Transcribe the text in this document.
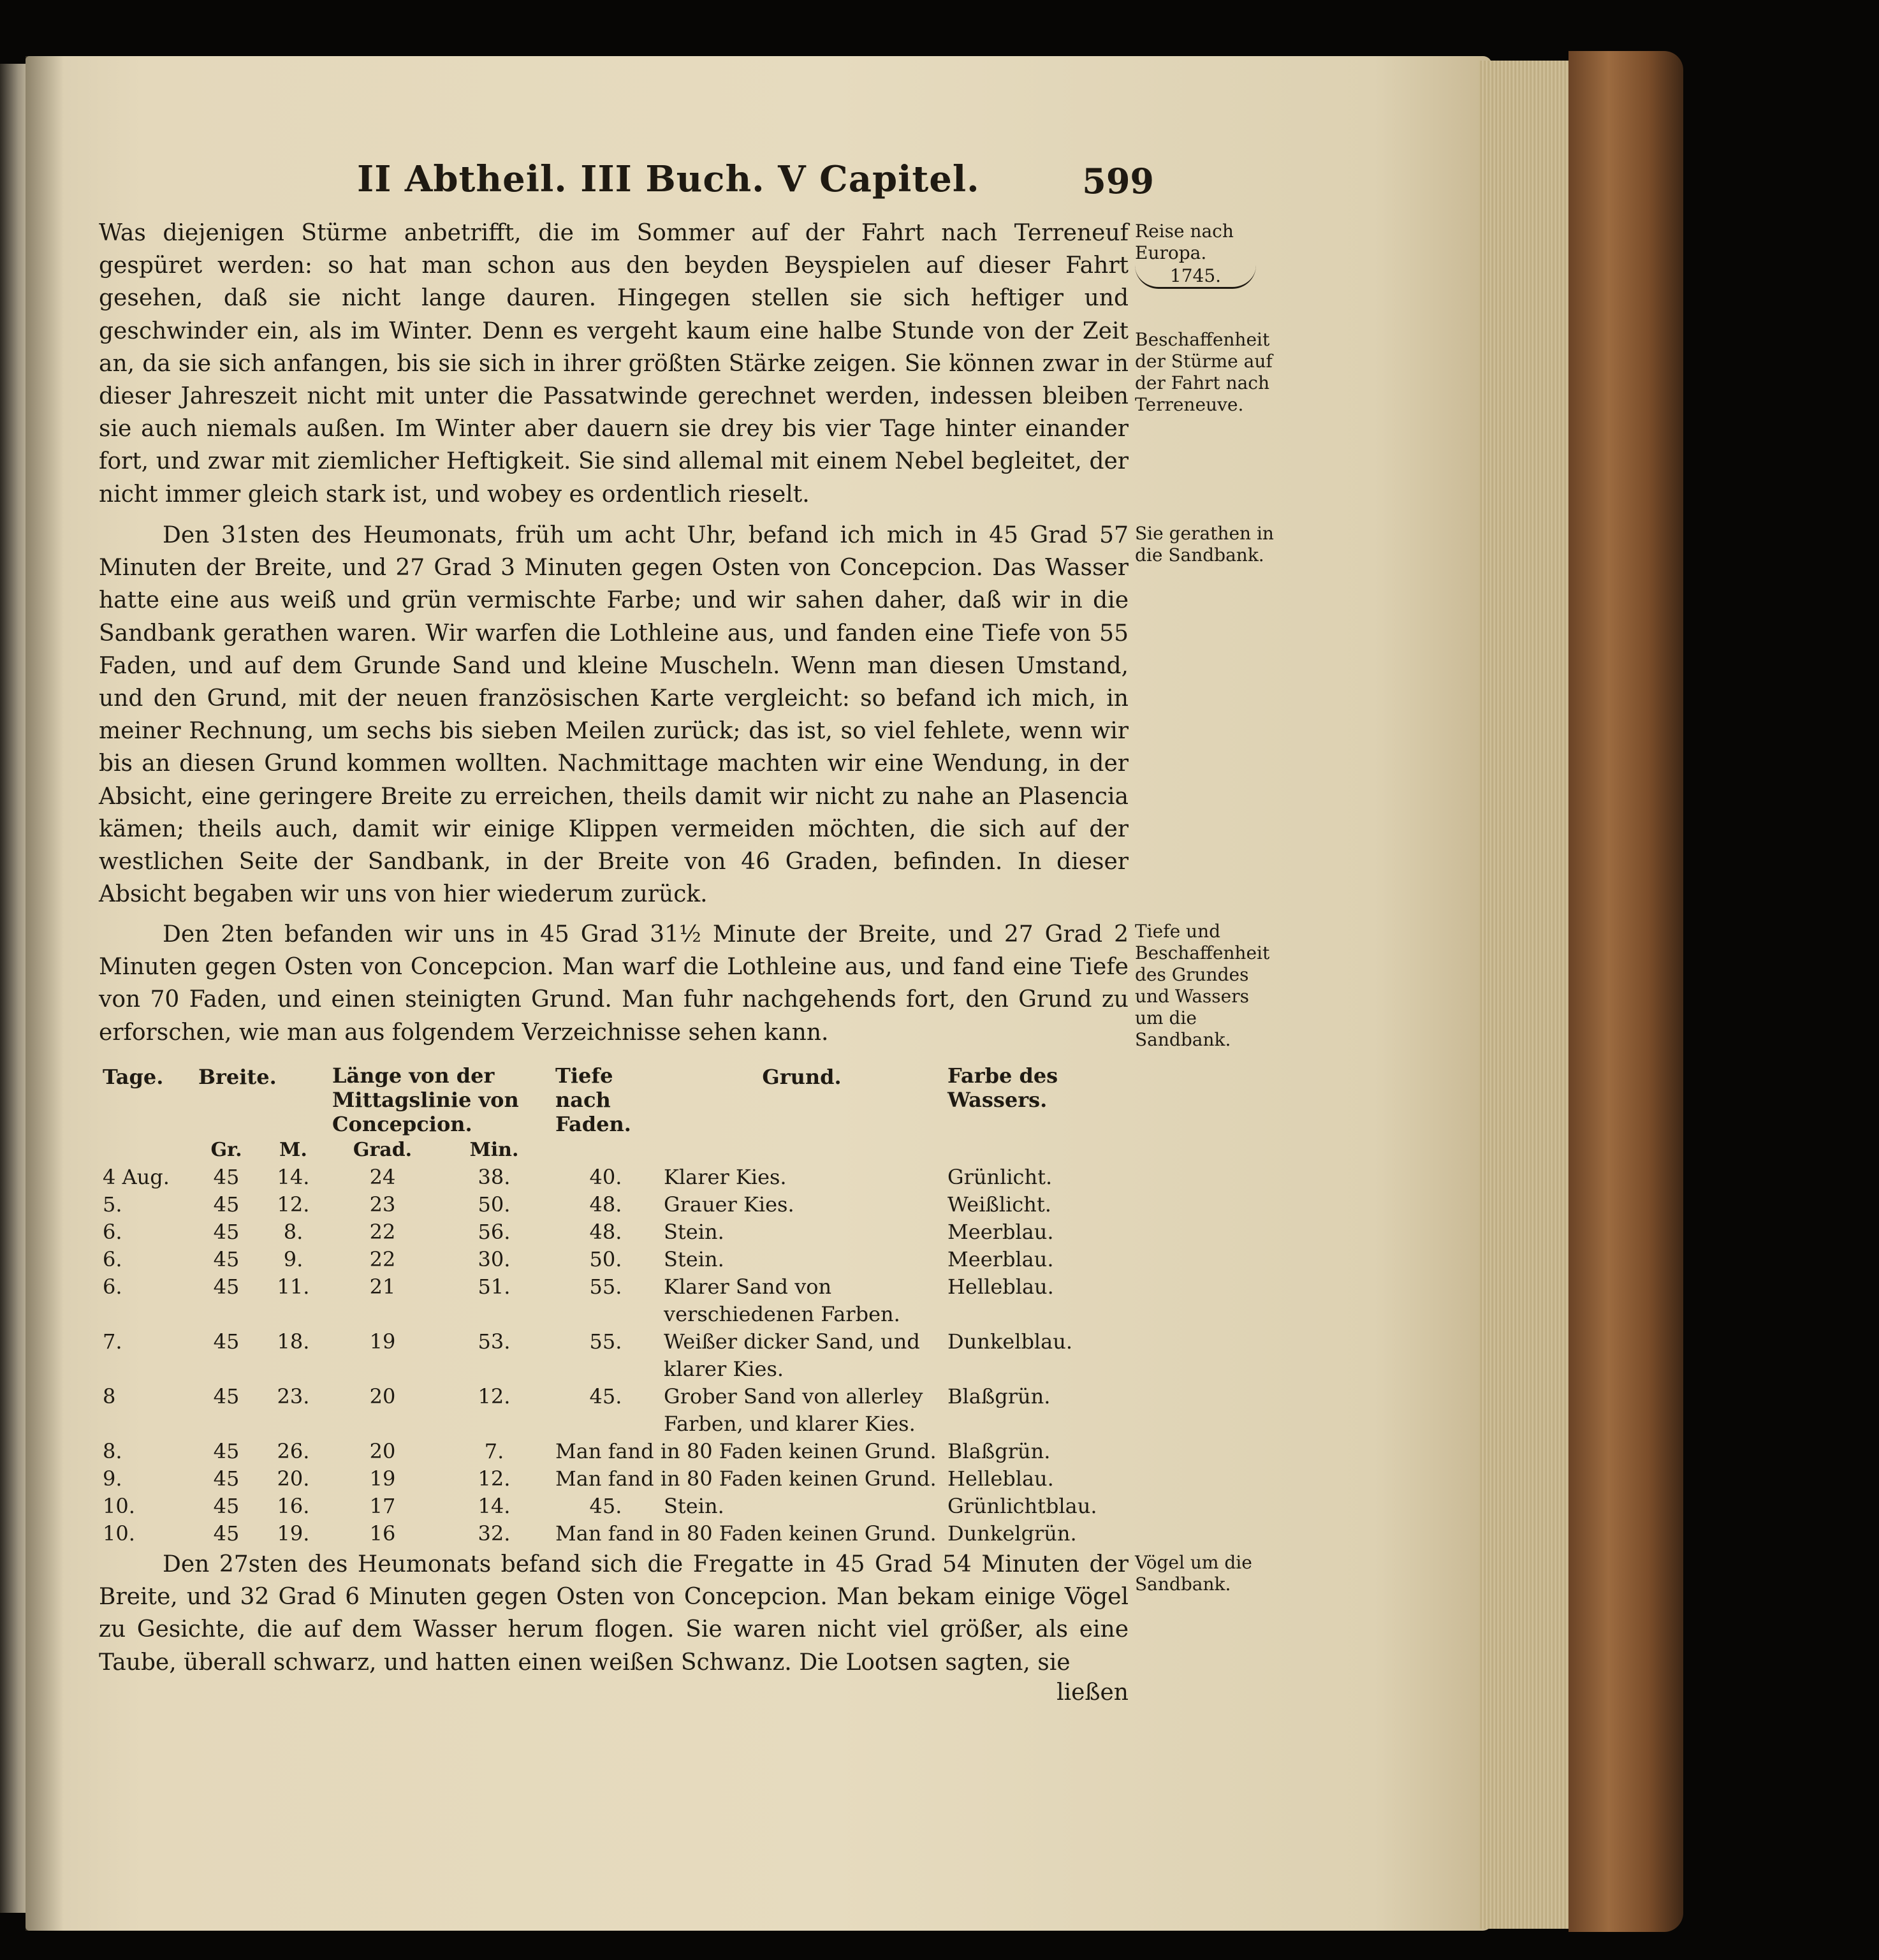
II Abtheil. III Buch. V Capitel.	599

Was diejenigen Stürme anbetrifft, die im Sommer auf der Fahrt nach Terreneuf gespüret werden: so hat man schon aus den beyden Beyspielen auf dieser Fahrt gesehen, daß sie nicht lange dauren. Hingegen stellen sie sich heftiger und geschwinder ein, als im Winter. Denn es vergeht kaum eine halbe Stunde von der Zeit an, da sie sich anfangen, bis sie sich in ihrer größten Stärke zeigen. Sie können zwar in dieser Jahreszeit nicht mit unter die Passatwinde gerechnet werden, indessen bleiben sie auch niemals außen. Im Winter aber dauern sie drey bis vier Tage hinter einander fort, und zwar mit ziemlicher Heftigkeit. Sie sind allemal mit einem Nebel begleitet, der nicht immer gleich stark ist, und wobey es ordentlich rieselt.

Den 31sten des Heumonats, früh um acht Uhr, befand ich mich in 45 Grad 57 Minuten der Breite, und 27 Grad 3 Minuten gegen Osten von Concepcion. Das Wasser hatte eine aus weiß und grün vermischte Farbe; und wir sahen daher, daß wir in die Sandbank gerathen waren. Wir warfen die Lothleine aus, und fanden eine Tiefe von 55 Faden, und auf dem Grunde Sand und kleine Muscheln. Wenn man diesen Umstand, und den Grund, mit der neuen französischen Karte vergleicht: so befand ich mich, in meiner Rechnung, um sechs bis sieben Meilen zurück; das ist, so viel fehlete, wenn wir bis an diesen Grund kommen wollten. Nachmittage machten wir eine Wendung, in der Absicht, eine geringere Breite zu erreichen, theils damit wir nicht zu nahe an Plasencia kämen; theils auch, damit wir einige Klippen vermeiden möchten, die sich auf der westlichen Seite der Sandbank, in der Breite von 46 Graden, befinden. In dieser Absicht begaben wir uns von hier wiederum zurück.

Den 2ten befanden wir uns in 45 Grad 31½ Minute der Breite, und 27 Grad 2 Minuten gegen Osten von Concepcion. Man warf die Lothleine aus, und fand eine Tiefe von 70 Faden, und einen steinigten Grund. Man fuhr nachgehends fort, den Grund zu erforschen, wie man aus folgendem Verzeichnisse sehen kann.

Tage.	Breite.		Länge von der Mittagslinie von Concepcion.		Tiefe nach Faden.	Grund.	Farbe des Wassers.
	Gr.	M.	Grad.	Min.			
4 Aug.	45	14.	24	38.	40.	Klarer Kies.	Grünlicht.
5.	45	12.	23	50.	48.	Grauer Kies.	Weißlicht.
6.	45	8.	22	56.	48.	Stein.	Meerblau.
6.	45	9.	22	30.	50.	Stein.	Meerblau.
6.	45	11.	21	51.	55.	Klarer Sand von verschiedenen Farben.	Helleblau.
7.	45	18.	19	53.	55.	Weißer dicker Sand, und klarer Kies.	Dunkelblau.
8	45	23.	20	12.	45.	Grober Sand von allerley Farben, und klarer Kies.	Blaßgrün.
8.	45	26.	20	7.	Man fand in 80 Faden keinen Grund.		Blaßgrün.
9.	45	20.	19	12.	Man fand in 80 Faden keinen Grund.		Helleblau.
10.	45	16.	17	14.	45.	Stein.	Grünlichtblau.
10.	45	19.	16	32.	Man fand in 80 Faden keinen Grund.		Dunkelgrün.

Den 27sten des Heumonats befand sich die Fregatte in 45 Grad 54 Minuten der Breite, und 32 Grad 6 Minuten gegen Osten von Concepcion. Man bekam einige Vögel zu Gesichte, die auf dem Wasser herum flogen. Sie waren nicht viel größer, als eine Taube, überall schwarz, und hatten einen weißen Schwanz. Die Lootsen sagten, sie

ließen
Reise nach
Europa.
1745.
Beschaffenheit der Stürme auf der Fahrt nach Terreneuve.
Sie gerathen in die Sandbank.
Tiefe und Beschaffenheit des Grundes und Wassers um die Sandbank.
Vögel um die Sandbank.
